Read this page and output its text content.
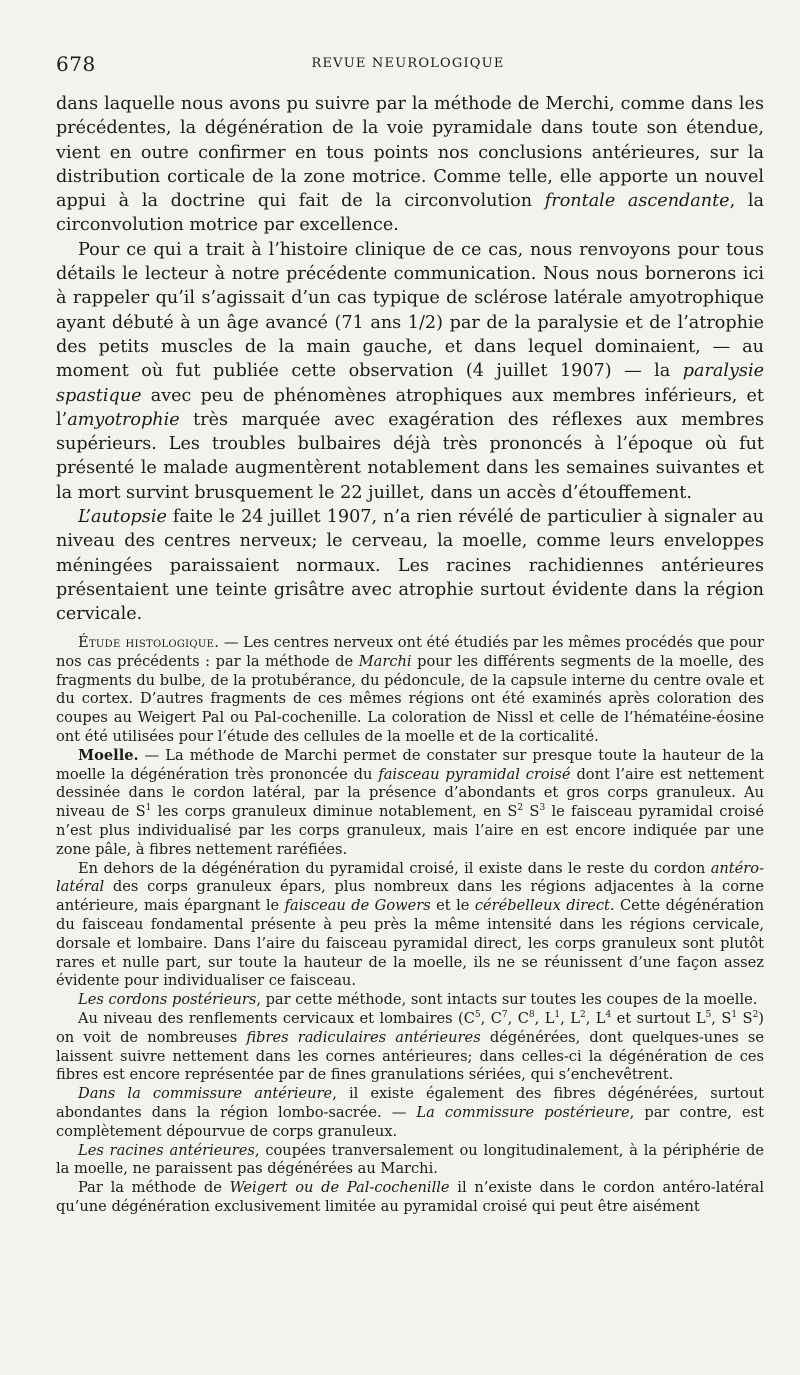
678	REVUE NEUROLOGIQUE

dans laquelle nous avons pu suivre par la méthode de Merchi, comme dans les précédentes, la dégénération de la voie pyramidale dans toute son étendue, vient en outre confirmer en tous points nos conclusions antérieures, sur la distribution corticale de la zone motrice. Comme telle, elle apporte un nouvel appui à la doctrine qui fait de la circonvolution frontale ascendante, la circonvolution motrice par excellence.

Pour ce qui a trait à l’histoire clinique de ce cas, nous renvoyons pour tous détails le lecteur à notre précédente communication. Nous nous bornerons ici à rappeler qu’il s’agissait d’un cas typique de sclérose latérale amyotrophique ayant débuté à un âge avancé (71 ans 1/2) par de la paralysie et de l’atrophie des petits muscles de la main gauche, et dans lequel dominaient, — au moment où fut publiée cette observation (4 juillet 1907) — la paralysie spastique avec peu de phénomènes atrophiques aux membres inférieurs, et l’amyotrophie très marquée avec exagération des réflexes aux membres supérieurs. Les troubles bulbaires déjà très prononcés à l’époque où fut présenté le malade augmentèrent notablement dans les semaines suivantes et la mort survint brusquement le 22 juillet, dans un accès d’étouffement.

L’autopsie faite le 24 juillet 1907, n’a rien révélé de particulier à signaler au niveau des centres nerveux; le cerveau, la moelle, comme leurs enveloppes méningées paraissaient normaux. Les racines rachidiennes antérieures présentaient une teinte grisâtre avec atrophie surtout évidente dans la région cervicale.

Étude histologique. — Les centres nerveux ont été étudiés par les mêmes procédés que pour nos cas précédents : par la méthode de Marchi pour les différents segments de la moelle, des fragments du bulbe, de la protubérance, du pédoncule, de la capsule interne du centre ovale et du cortex. D’autres fragments de ces mêmes régions ont été examinés après coloration des coupes au Weigert Pal ou Pal-cochenille. La coloration de Nissl et celle de l’hématéine-éosine ont été utilisées pour l’étude des cellules de la moelle et de la corticalité.

Moelle. — La méthode de Marchi permet de constater sur presque toute la hauteur de la moelle la dégénération très prononcée du faisceau pyramidal croisé dont l’aire est nettement dessinée dans le cordon latéral, par la présence d’abondants et gros corps granuleux. Au niveau de $S^1$ les corps granuleux diminue notablement, en $S^2$ $S^3$ le faisceau pyramidal croisé n’est plus individualisé par les corps granuleux, mais l’aire en est encore indiquée par une zone pâle, à fibres nettement raréfiées.

En dehors de la dégénération du pyramidal croisé, il existe dans le reste du cordon antéro-latéral des corps granuleux épars, plus nombreux dans les régions adjacentes à la corne antérieure, mais épargnant le faisceau de Gowers et le cérébelleux direct. Cette dégénération du faisceau fondamental présente à peu près la même intensité dans les régions cervicale, dorsale et lombaire. Dans l’aire du faisceau pyramidal direct, les corps granuleux sont plutôt rares et nulle part, sur toute la hauteur de la moelle, ils ne se réunissent d’une façon assez évidente pour individualiser ce faisceau.

Les cordons postérieurs, par cette méthode, sont intacts sur toutes les coupes de la moelle.

Au niveau des renflements cervicaux et lombaires ($C^5$, $C^7$, $C^8$, $L^1$, $L^2$, $L^4$ et surtout $L^5$, $S^1$ $S^2$) on voit de nombreuses fibres radiculaires antérieures dégénérées, dont quelques-unes se laissent suivre nettement dans les cornes antérieures; dans celles-ci la dégénération de ces fibres est encore représentée par de fines granulations sériées, qui s’enchevêtrent.

Dans la commissure antérieure, il existe également des fibres dégénérées, surtout abondantes dans la région lombo-sacrée. — La commissure postérieure, par contre, est complètement dépourvue de corps granuleux.

Les racines antérieures, coupées tranversalement ou longitudinalement, à la périphérie de la moelle, ne paraissent pas dégénérées au Marchi.

Par la méthode de Weigert ou de Pal-cochenille il n’existe dans le cordon antéro-latéral qu’une dégénération exclusivement limitée au pyramidal croisé qui peut être aisément
